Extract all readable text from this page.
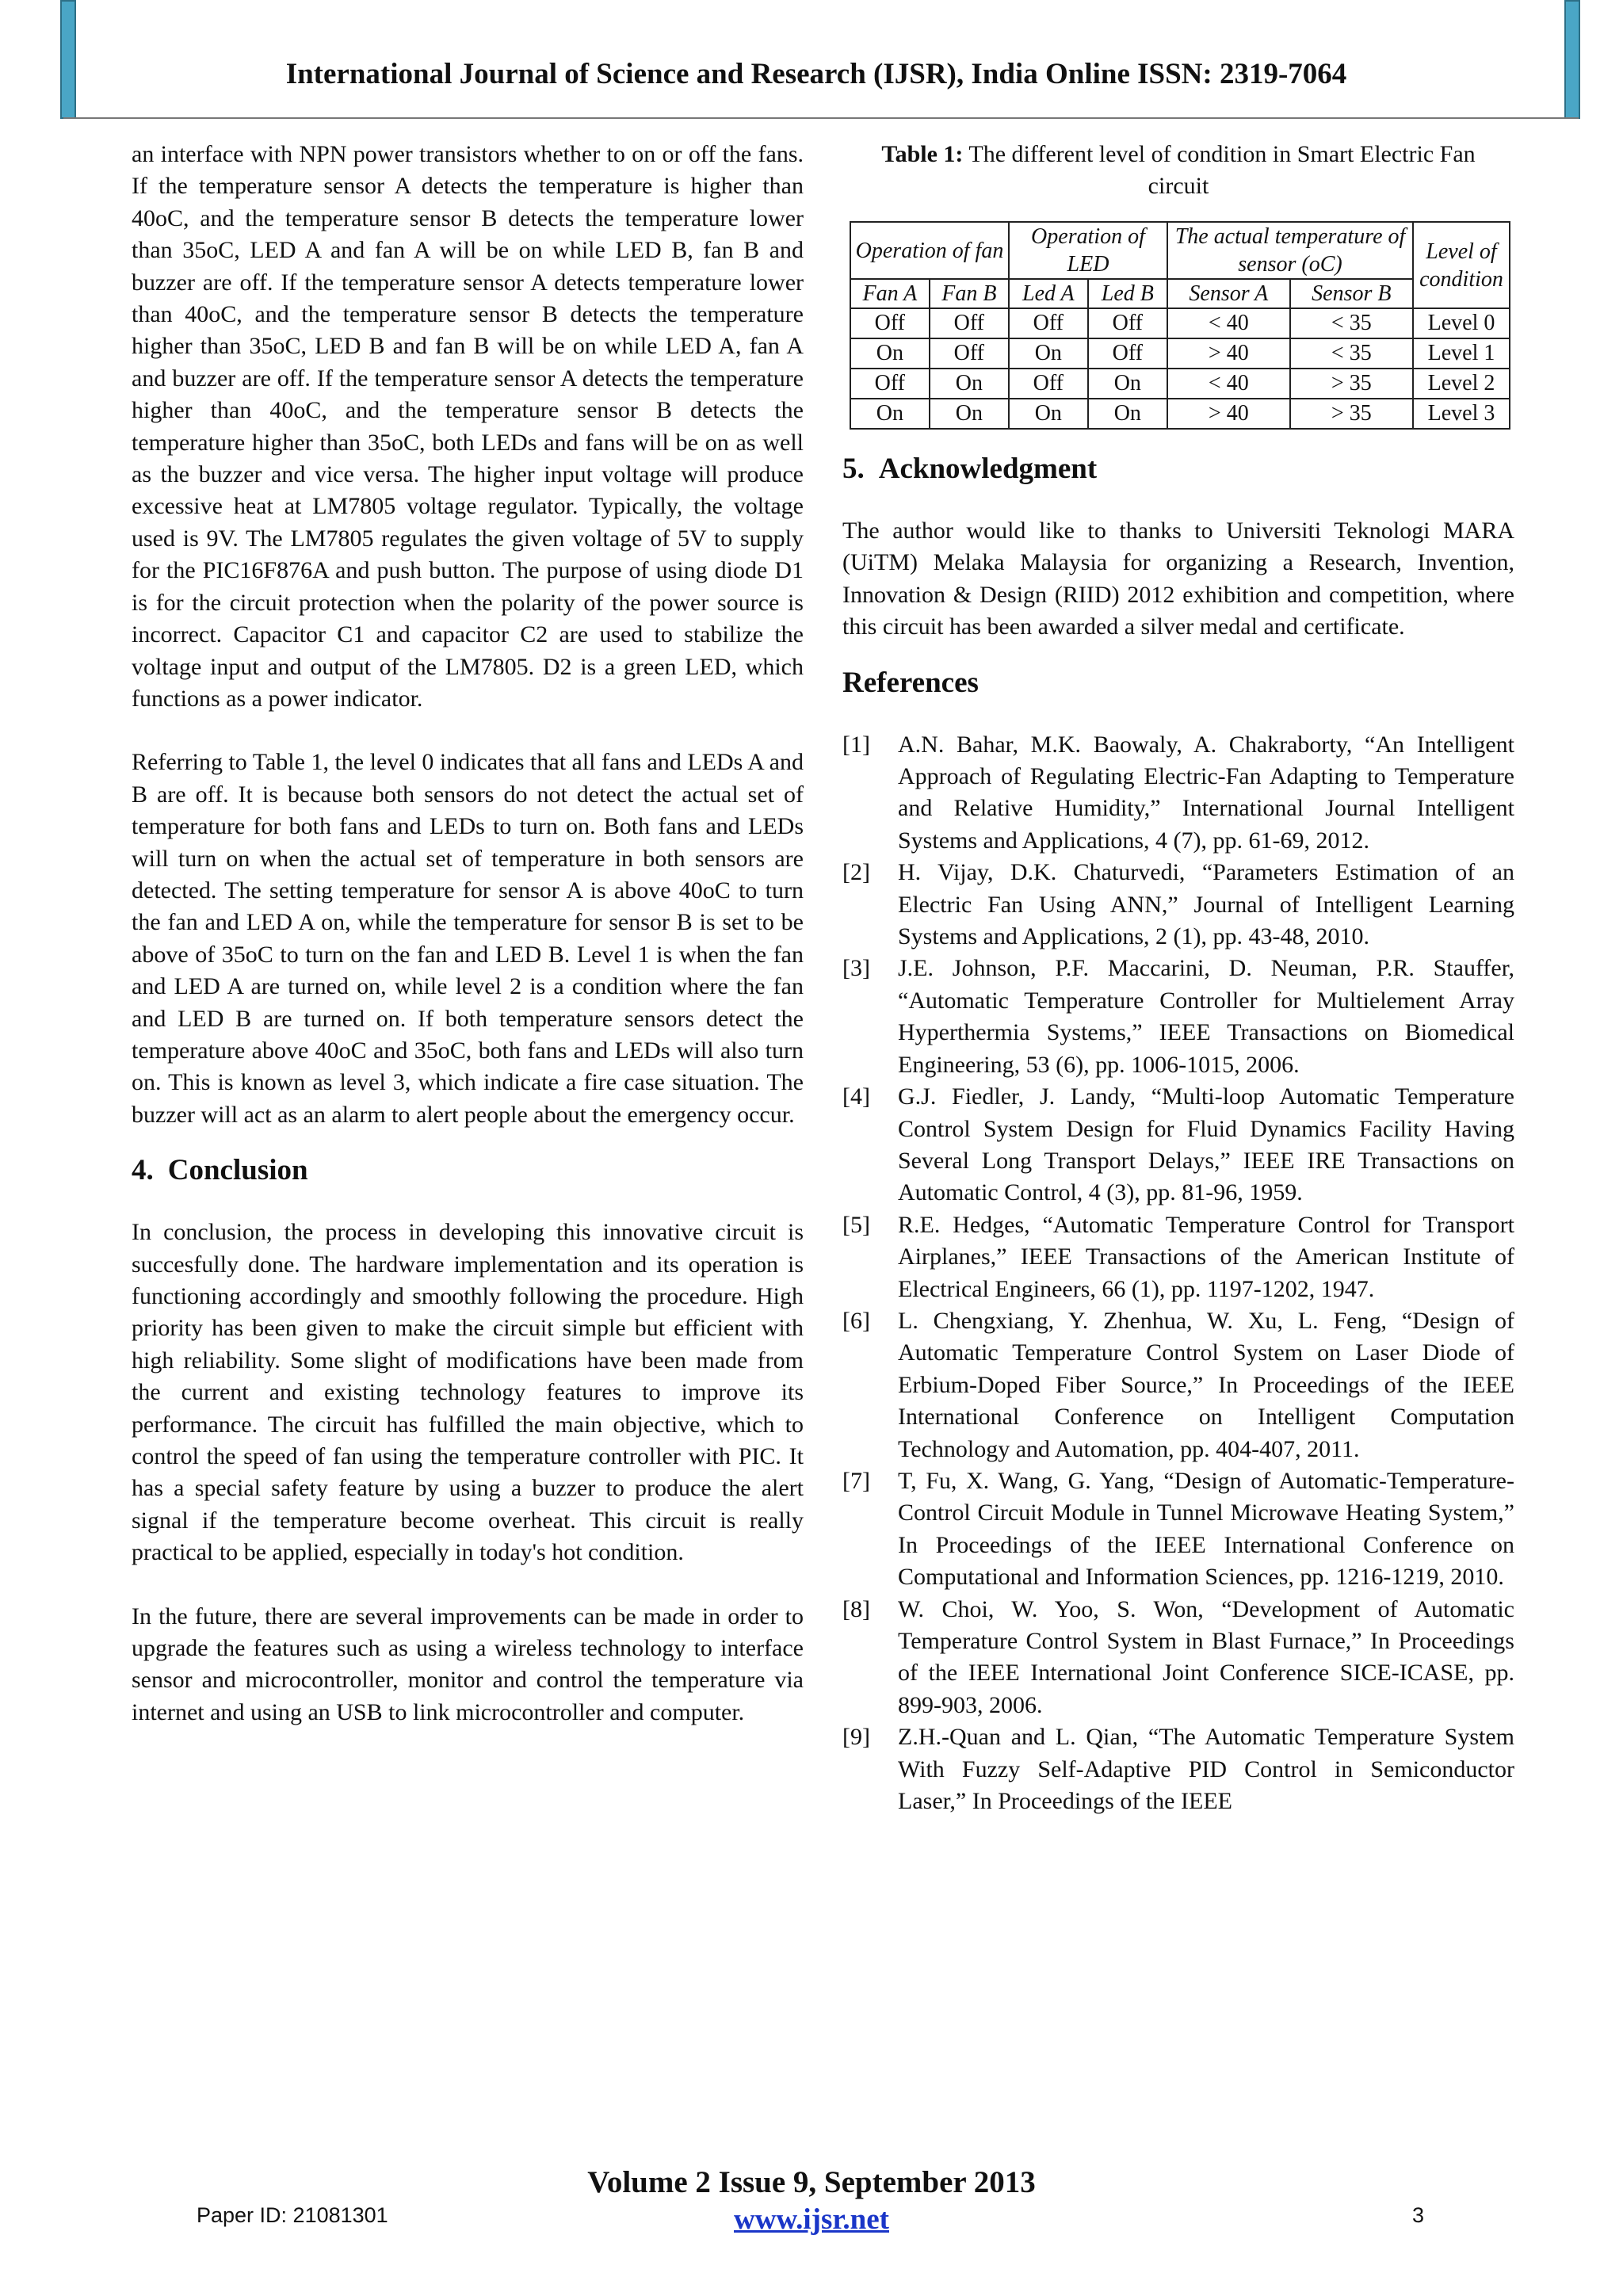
International Journal of Science and Research (IJSR), India Online ISSN: 2319-7064

an interface with NPN power transistors whether to on or off the fans. If the temperature sensor A detects the temperature is higher than 40oC, and the temperature sensor B detects the temperature lower than 35oC, LED A and fan A will be on while LED B, fan B and buzzer are off. If the temperature sensor A detects temperature lower than 40oC, and the temperature sensor B detects the temperature higher than 35oC, LED B and fan B will be on while LED A, fan A and buzzer are off. If the temperature sensor A detects the temperature higher than 40oC, and the temperature sensor B detects the temperature higher than 35oC, both LEDs and fans will be on as well as the buzzer and vice versa. The higher input voltage will produce excessive heat at LM7805 voltage regulator. Typically, the voltage used is 9V. The LM7805 regulates the given voltage of 5V to supply for the PIC16F876A and push button. The purpose of using diode D1 is for the circuit protection when the polarity of the power source is incorrect. Capacitor C1 and capacitor C2 are used to stabilize the voltage input and output of the LM7805. D2 is a green LED, which functions as a power indicator.

Referring to Table 1, the level 0 indicates that all fans and LEDs A and B are off. It is because both sensors do not detect the actual set of temperature for both fans and LEDs to turn on. Both fans and LEDs will turn on when the actual set of temperature in both sensors are detected. The setting temperature for sensor A is above 40oC to turn the fan and LED A on, while the temperature for sensor B is set to be above of 35oC to turn on the fan and LED B. Level 1 is when the fan and LED A are turned on, while level 2 is a condition where the fan and LED B are turned on. If both temperature sensors detect the temperature above 40oC and 35oC, both fans and LEDs will also turn on. This is known as level 3, which indicate a fire case situation. The buzzer will act as an alarm to alert people about the emergency occur.

4. Conclusion

In conclusion, the process in developing this innovative circuit is succesfully done. The hardware implementation and its operation is functioning accordingly and smoothly following the procedure. High priority has been given to make the circuit simple but efficient with high reliability. Some slight of modifications have been made from the current and existing technology features to improve its performance. The circuit has fulfilled the main objective, which to control the speed of fan using the temperature controller with PIC. It has a special safety feature by using a buzzer to produce the alert signal if the temperature become overheat. This circuit is really practical to be applied, especially in today's hot condition.

In the future, there are several improvements can be made in order to upgrade the features such as using a wireless technology to interface sensor and microcontroller, monitor and control the temperature via internet and using an USB to link microcontroller and computer.

Table 1: The different level of condition in Smart Electric Fan circuit
Operation of fan		Operation of LED		The actual temperature of sensor (oC)		Level of condition
Fan A	Fan B	Led A	Led B	Sensor A	Sensor B	
Off	Off	Off	Off	< 40	< 35	Level 0
On	Off	On	Off	> 40	< 35	Level 1
Off	On	Off	On	< 40	> 35	Level 2
On	On	On	On	> 40	> 35	Level 3
5. Acknowledgment

The author would like to thanks to Universiti Teknologi MARA (UiTM) Melaka Malaysia for organizing a Research, Invention, Innovation & Design (RIID) 2012 exhibition and competition, where this circuit has been awarded a silver medal and certificate.

References
[1]	A.N. Bahar, M.K. Baowaly, A. Chakraborty, “An Intelligent Approach of Regulating Electric-Fan Adapting to Temperature and Relative Humidity,” International Journal Intelligent Systems and Applications, 4 (7), pp. 61-69, 2012.
[2]	H. Vijay, D.K. Chaturvedi, “Parameters Estimation of an Electric Fan Using ANN,” Journal of Intelligent Learning Systems and Applications, 2 (1), pp. 43-48, 2010.
[3]	J.E. Johnson, P.F. Maccarini, D. Neuman, P.R. Stauffer, “Automatic Temperature Controller for Multielement Array Hyperthermia Systems,” IEEE Transactions on Biomedical Engineering, 53 (6), pp. 1006-1015, 2006.
[4]	G.J. Fiedler, J. Landy, “Multi-loop Automatic Temperature Control System Design for Fluid Dynamics Facility Having Several Long Transport Delays,” IEEE IRE Transactions on Automatic Control, 4 (3), pp. 81-96, 1959.
[5]	R.E. Hedges, “Automatic Temperature Control for Transport Airplanes,” IEEE Transactions of the American Institute of Electrical Engineers, 66 (1), pp. 1197-1202, 1947.
[6]	L. Chengxiang, Y. Zhenhua, W. Xu, L. Feng, “Design of Automatic Temperature Control System on Laser Diode of Erbium-Doped Fiber Source,” In Proceedings of the IEEE International Conference on Intelligent Computation Technology and Automation, pp. 404-407, 2011.
[7]	T, Fu, X. Wang, G. Yang, “Design of Automatic-Temperature-Control Circuit Module in Tunnel Microwave Heating System,” In Proceedings of the IEEE International Conference on Computational and Information Sciences, pp. 1216-1219, 2010.
[8]	W. Choi, W. Yoo, S. Won, “Development of Automatic Temperature Control System in Blast Furnace,” In Proceedings of the IEEE International Joint Conference SICE-ICASE, pp. 899-903, 2006.
[9]	Z.H.-Quan and L. Qian, “The Automatic Temperature System With Fuzzy Self-Adaptive PID Control in Semiconductor Laser,” In Proceedings of the IEEE
Volume 2 Issue 9, September 2013
www.ijsr.net
Paper ID: 21081301	3
